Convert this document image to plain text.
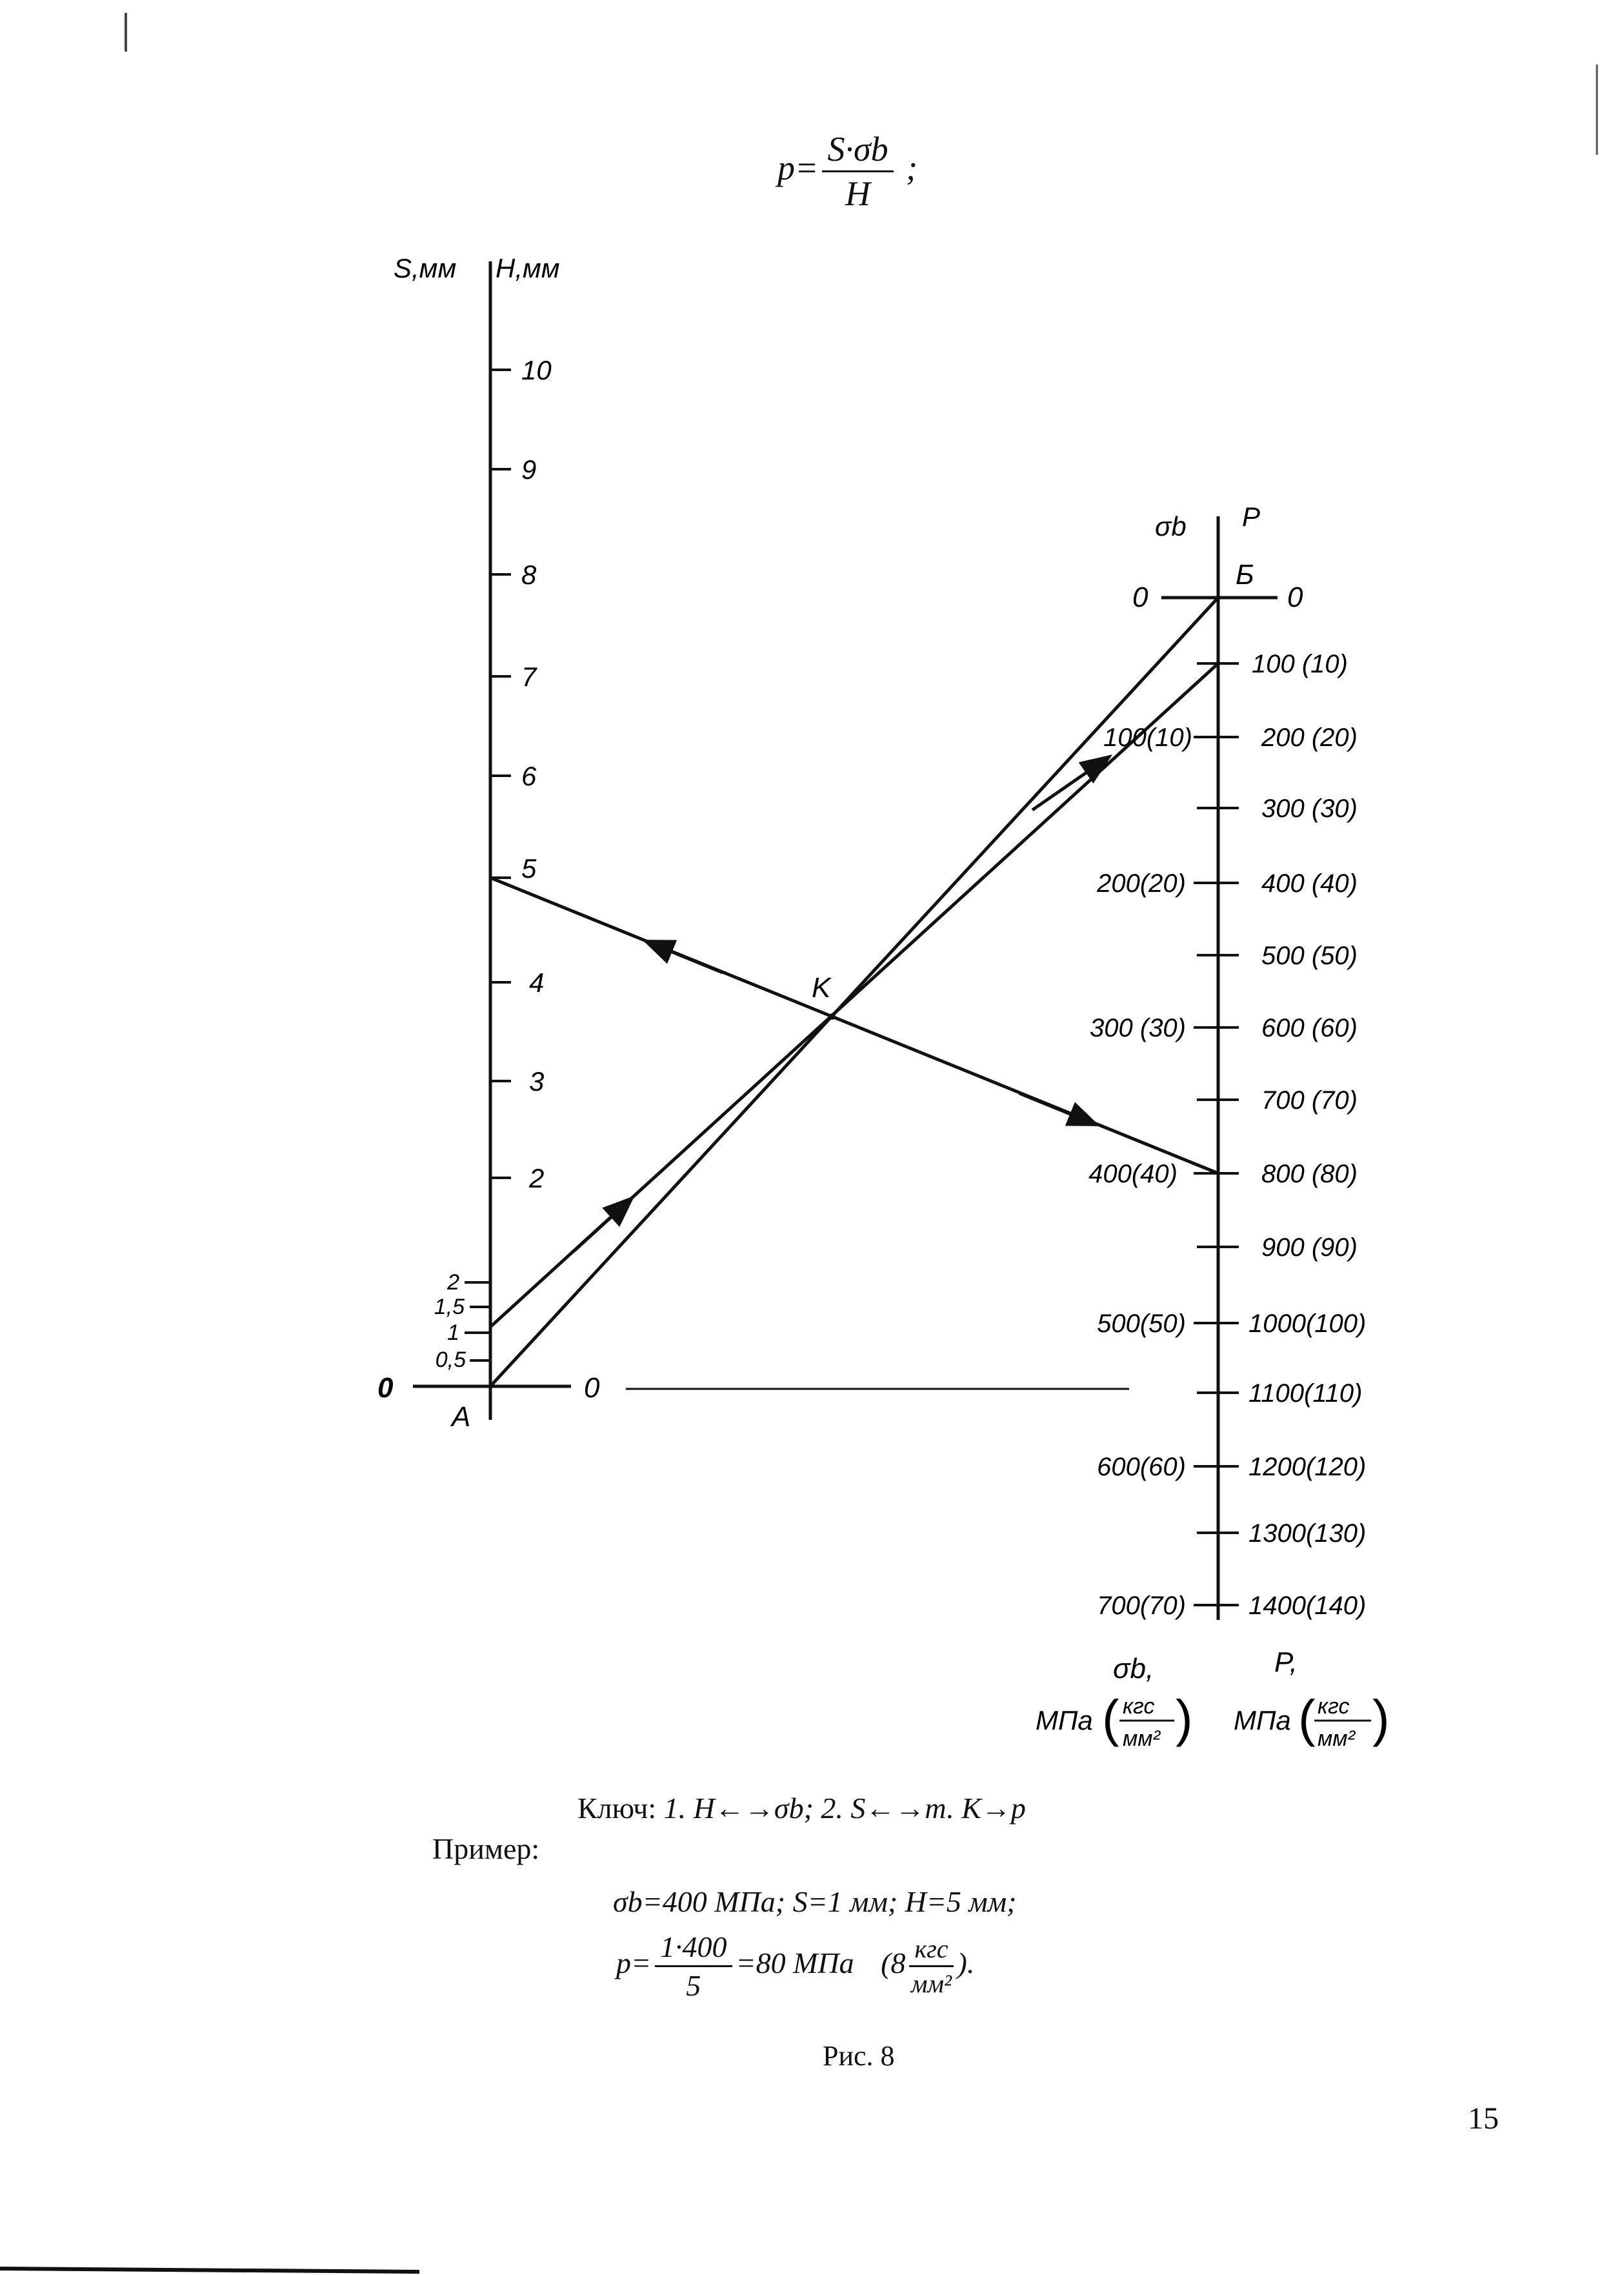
$p= \frac{S\cdot\sigma b}{H}$ ;
S,мм H,мм
σb P
A
Б
K
0	0
0	0
10
9
8
7
6
5
4
3
2
2
1,5
1
0,5
100(10)
200(20)
300 (30)
400(40)
500(50)
600(60)
700(70)
100 (10)
200 (20)
300 (30)
400 (40)
500 (50)
600 (60)
700 (70)
800 (80)
900 (90)
1000(100)
1100(110)
1200(120)
1300(130)
1400(140)
σb,	P,
МПа ( кгс
мм² ) МПа ( кгс
мм² )
Ключ: 1. H←→σb; 2. S←→т. K→p
Пример:
σb=400 МПа; S=1 мм; H=5 мм;
$p= \frac{1\cdot 400}{5} =80$ МПа ($8 \frac{\text{кгс}}{\text{мм²}}$ ).
Рис. 8
15
